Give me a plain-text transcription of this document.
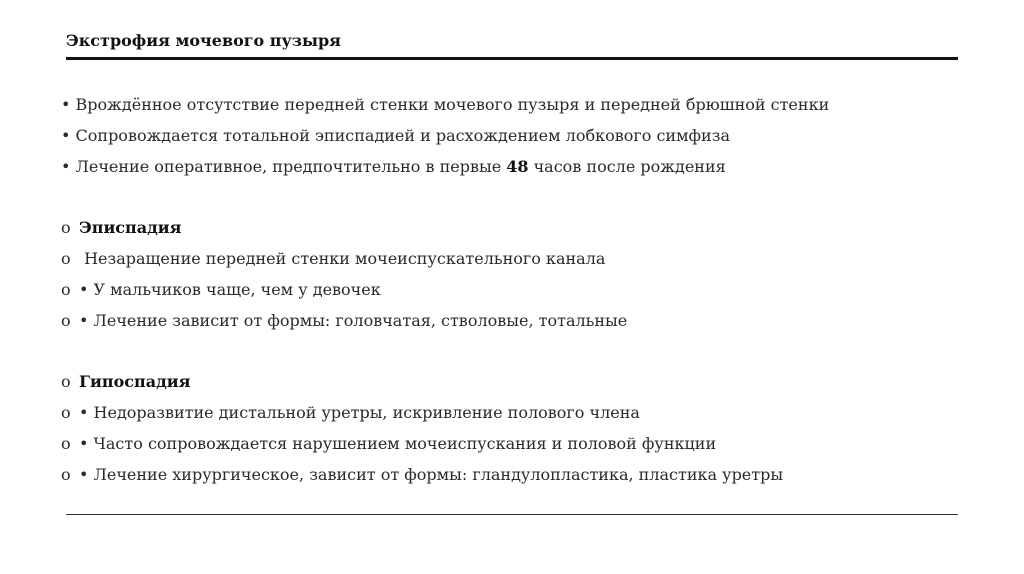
Экстрофия мочевого пузыря
• Врождённое отсутствие передней стенки мочевого пузыря и передней брюшной стенки
• Сопровождается тотальной эписпадией и расхождением лобкового симфиза
• Лечение оперативное, предпочтительно в первые 48 часов после рождения
o Эписпадия
o Незаращение передней стенки мочеиспускательного канала
o • У мальчиков чаще, чем у девочек
o • Лечение зависит от формы: головчатая, стволовые, тотальные
o Гипоспадия
o • Недоразвитие дистальной уретры, искривление полового члена
o • Часто сопровождается нарушением мочеиспускания и половой функции
o • Лечение хирургическое, зависит от формы: гландулопластика, пластика уретры
